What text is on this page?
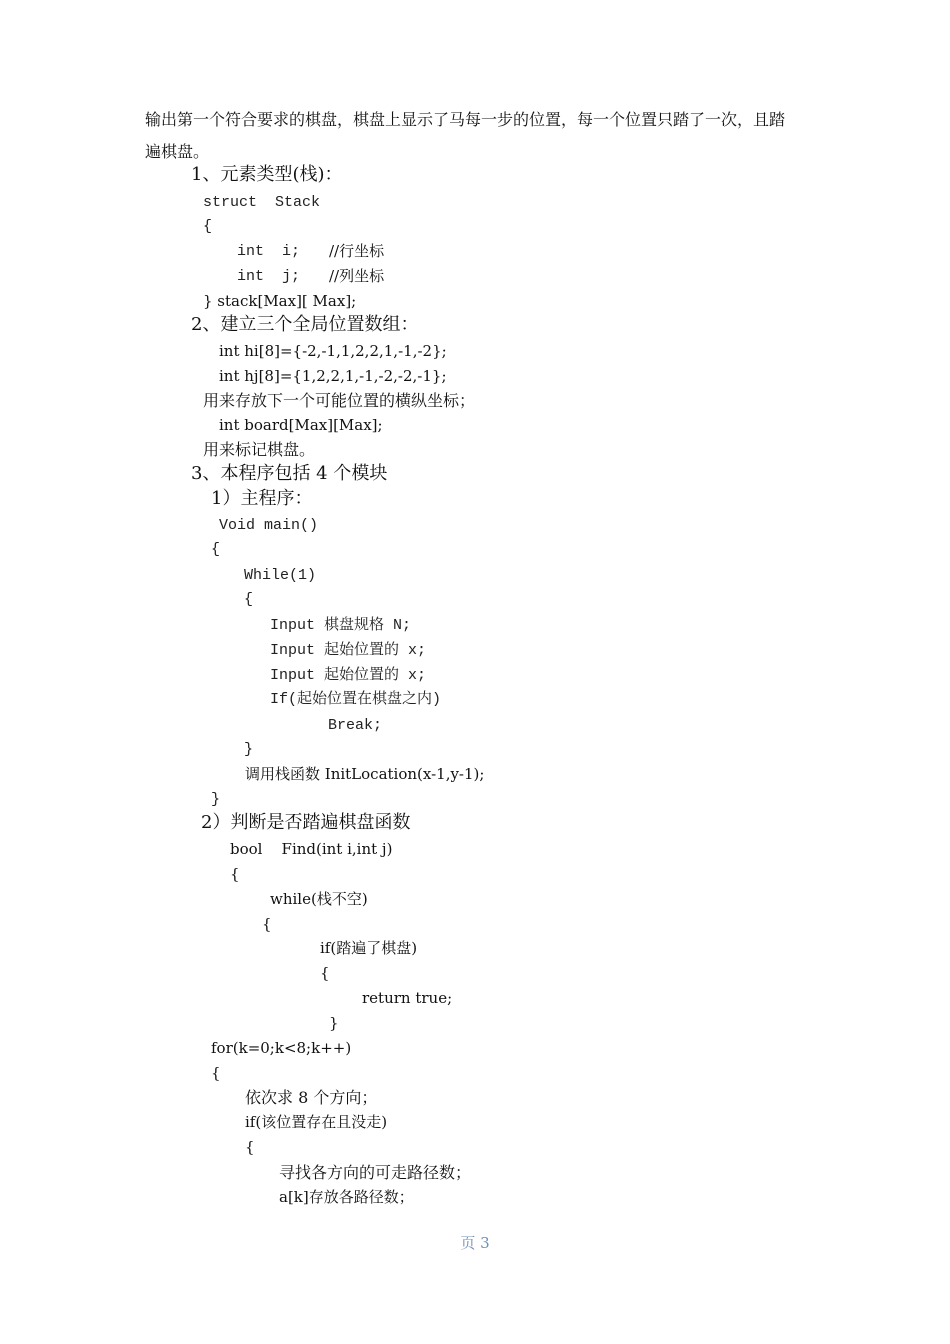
输出第一个符合要求的棋盘，棋盘上显示了马每一步的位置，每一个位置只踏了一次，且踏
遍棋盘。
1、元素类型(栈)：
struct  Stack
{
int  i; //行坐标
int  j; //列坐标
} stack[Max][ Max];
2、建立三个全局位置数组：
int hi[8]={-2,-1,1,2,2,1,-1,-2};
int hj[8]={1,2,2,1,-1,-2,-2,-1};
用来存放下一个可能位置的横纵坐标；
int board[Max][Max];
用来标记棋盘。
3、本程序包括 4 个模块
1）主程序：
Void main()
{
While(1)
{
Input 棋盘规格 N;
Input 起始位置的 x;
Input 起始位置的 x;
If(起始位置在棋盘之内)
Break;
}
调用栈函数 InitLocation(x-1,y-1);
}
2）判断是否踏遍棋盘函数
bool    Find(int i,int j)
{
while(栈不空)
{
if(踏遍了棋盘)
{
return true;
}
for(k=0;k<8;k++)
{
依次求 8 个方向；
if(该位置存在且没走)
{
寻找各方向的可走路径数；
a[k]存放各路径数；
页 3
